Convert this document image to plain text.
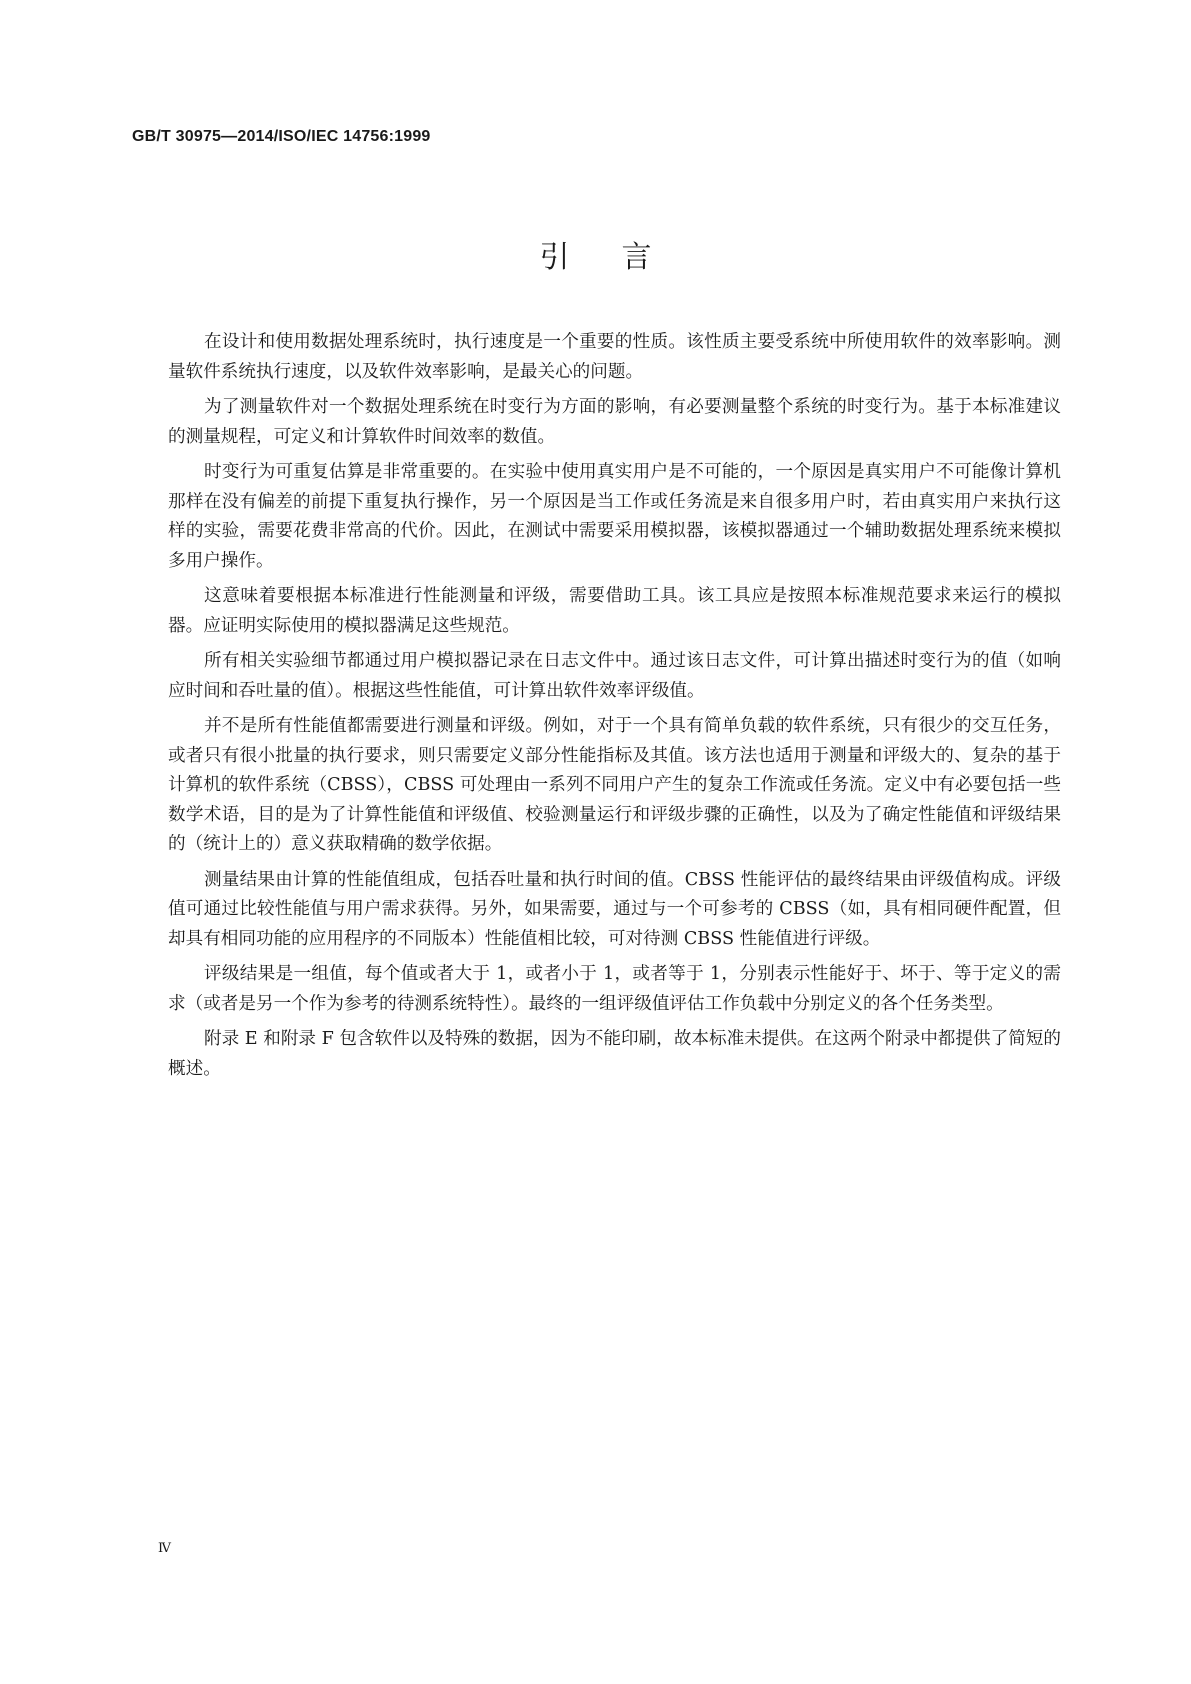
GB/T 30975—2014/ISO/IEC 14756:1999
引言

在设计和使用数据处理系统时，执行速度是一个重要的性质。该性质主要受系统中所使用软件的效率影响。测量软件系统执行速度，以及软件效率影响，是最关心的问题。

为了测量软件对一个数据处理系统在时变行为方面的影响，有必要测量整个系统的时变行为。基于本标准建议的测量规程，可定义和计算软件时间效率的数值。

时变行为可重复估算是非常重要的。在实验中使用真实用户是不可能的，一个原因是真实用户不可能像计算机那样在没有偏差的前提下重复执行操作，另一个原因是当工作或任务流是来自很多用户时，若由真实用户来执行这样的实验，需要花费非常高的代价。因此，在测试中需要采用模拟器，该模拟器通过一个辅助数据处理系统来模拟多用户操作。

这意味着要根据本标准进行性能测量和评级，需要借助工具。该工具应是按照本标准规范要求来运行的模拟器。应证明实际使用的模拟器满足这些规范。

所有相关实验细节都通过用户模拟器记录在日志文件中。通过该日志文件，可计算出描述时变行为的值（如响应时间和吞吐量的值）。根据这些性能值，可计算出软件效率评级值。

并不是所有性能值都需要进行测量和评级。例如，对于一个具有简单负载的软件系统，只有很少的交互任务，或者只有很小批量的执行要求，则只需要定义部分性能指标及其值。该方法也适用于测量和评级大的、复杂的基于计算机的软件系统（CBSS），CBSS 可处理由一系列不同用户产生的复杂工作流或任务流。定义中有必要包括一些数学术语，目的是为了计算性能值和评级值、校验测量运行和评级步骤的正确性，以及为了确定性能值和评级结果的（统计上的）意义获取精确的数学依据。

测量结果由计算的性能值组成，包括吞吐量和执行时间的值。CBSS 性能评估的最终结果由评级值构成。评级值可通过比较性能值与用户需求获得。另外，如果需要，通过与一个可参考的 CBSS（如，具有相同硬件配置，但却具有相同功能的应用程序的不同版本）性能值相比较，可对待测 CBSS 性能值进行评级。

评级结果是一组值，每个值或者大于 1，或者小于 1，或者等于 1，分别表示性能好于、坏于、等于定义的需求（或者是另一个作为参考的待测系统特性）。最终的一组评级值评估工作负载中分别定义的各个任务类型。

附录 E 和附录 F 包含软件以及特殊的数据，因为不能印刷，故本标准未提供。在这两个附录中都提供了简短的概述。

Ⅳ
